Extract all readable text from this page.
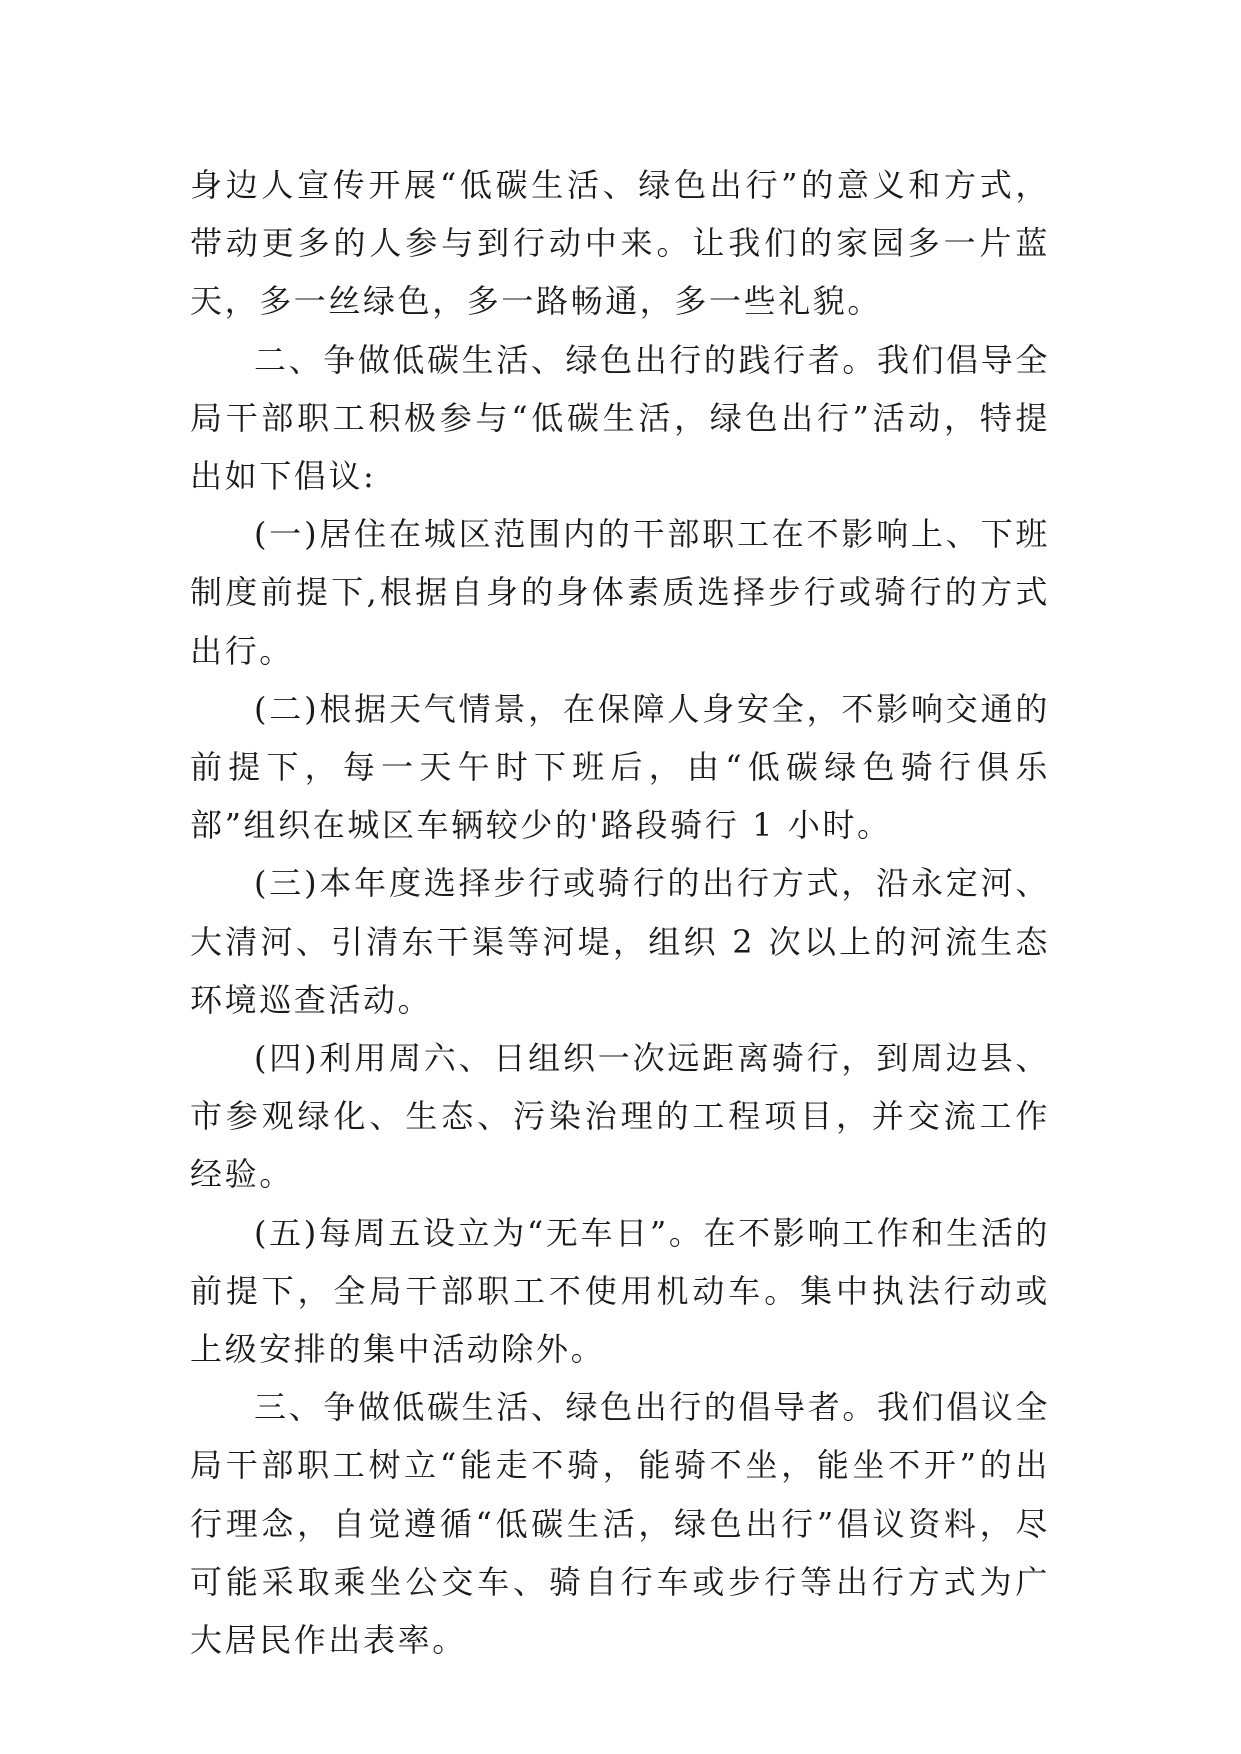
身边人宣传开展“低碳生活、绿色出行”的意义和方式，带动更多的人参与到行动中来。让我们的家园多一片蓝天，多一丝绿色，多一路畅通，多一些礼貌。

二、争做低碳生活、绿色出行的践行者。我们倡导全局干部职工积极参与“低碳生活，绿色出行”活动，特提出如下倡议:

(一)居住在城区范围内的干部职工在不影响上、下班制度前提下,根据自身的身体素质选择步行或骑行的方式出行。

(二)根据天气情景，在保障人身安全，不影响交通的前提下，每一天午时下班后，由“低碳绿色骑行俱乐部”组织在城区车辆较少的'路段骑行 1 小时。

(三)本年度选择步行或骑行的出行方式，沿永定河、大清河、引清东干渠等河堤，组织 2 次以上的河流生态环境巡查活动。

(四)利用周六、日组织一次远距离骑行，到周边县、市参观绿化、生态、污染治理的工程项目，并交流工作经验。

(五)每周五设立为“无车日”。在不影响工作和生活的前提下，全局干部职工不使用机动车。集中执法行动或上级安排的集中活动除外。

三、争做低碳生活、绿色出行的倡导者。我们倡议全局干部职工树立“能走不骑，能骑不坐，能坐不开”的出行理念，自觉遵循“低碳生活，绿色出行”倡议资料，尽可能采取乘坐公交车、骑自行车或步行等出行方式为广大居民作出表率。
